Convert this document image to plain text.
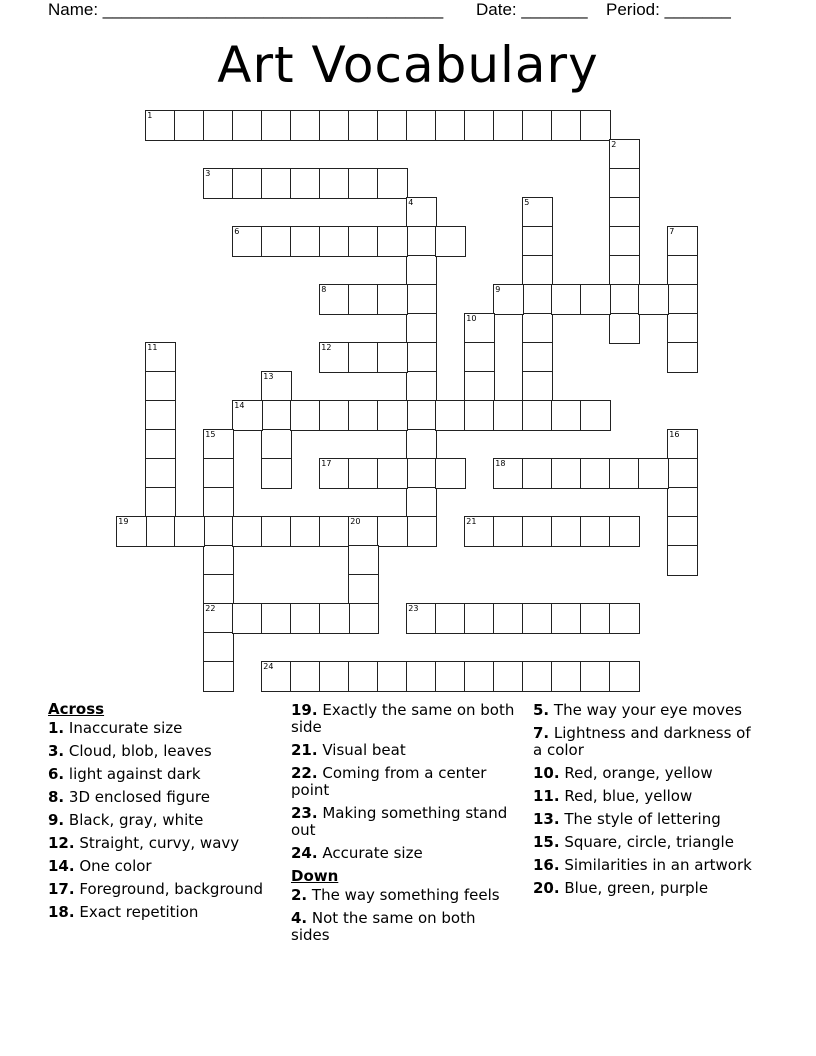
Name: ____________________________________ Date: _______ Period: _______
Art Vocabulary
1
2
3
4	5
6	7
8	9
10
11	12
13
14
15
22
16
17	18
19	20	21
23
24
Across
1. Inaccurate size
3. Cloud, blob, leaves
6. light against dark
8. 3D enclosed figure
9. Black, gray, white
12. Straight, curvy, wavy
14. One color
17. Foreground, background
18. Exact repetition
19. Exactly the same on both side
21. Visual beat
22. Coming from a center point
23. Making something stand out
24. Accurate size
Down
2. The way something feels
4. Not the same on both sides
5. The way your eye moves
7. Lightness and darkness of a color
10. Red, orange, yellow
11. Red, blue, yellow
13. The style of lettering
15. Square, circle, triangle
16. Similarities in an artwork
20. Blue, green, purple
